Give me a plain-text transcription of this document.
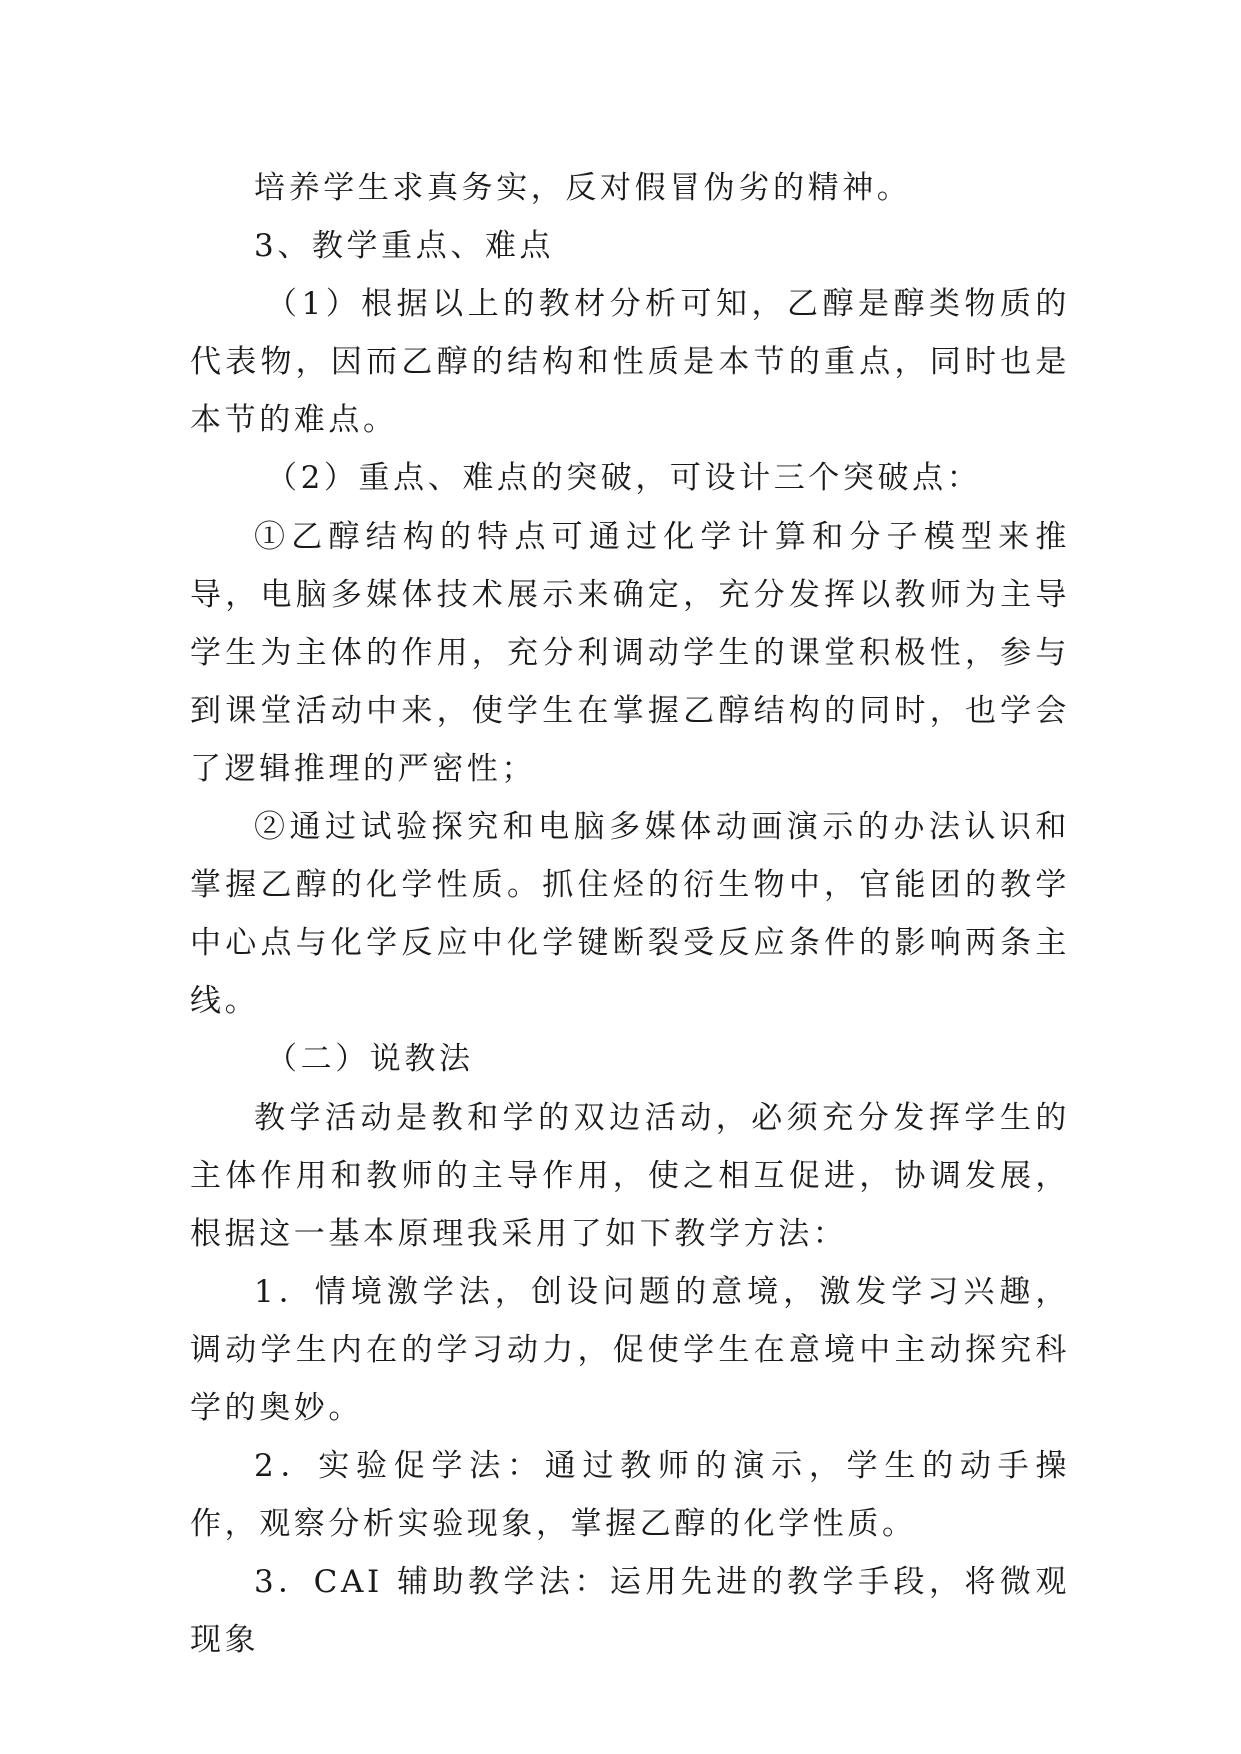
培养学生求真务实，反对假冒伪劣的精神。

3、教学重点、难点

（1）根据以上的教材分析可知，乙醇是醇类物质的代表物，因而乙醇的结构和性质是本节的重点，同时也是本节的难点。

（2）重点、难点的突破，可设计三个突破点：

①乙醇结构的特点可通过化学计算和分子模型来推导，电脑多媒体技术展示来确定，充分发挥以教师为主导学生为主体的作用，充分利调动学生的课堂积极性，参与到课堂活动中来，使学生在掌握乙醇结构的同时，也学会了逻辑推理的严密性；

②通过试验探究和电脑多媒体动画演示的办法认识和掌握乙醇的化学性质。抓住烃的衍生物中，官能团的教学中心点与化学反应中化学键断裂受反应条件的影响两条主线。

（二）说教法

教学活动是教和学的双边活动，必须充分发挥学生的主体作用和教师的主导作用，使之相互促进，协调发展，根据这一基本原理我采用了如下教学方法：

1．情境激学法，创设问题的意境，激发学习兴趣，调动学生内在的学习动力，促使学生在意境中主动探究科学的奥妙。

2．实验促学法：通过教师的演示，学生的动手操作，观察分析实验现象，掌握乙醇的化学性质。

3．CAI 辅助教学法：运用先进的教学手段，将微观现象
